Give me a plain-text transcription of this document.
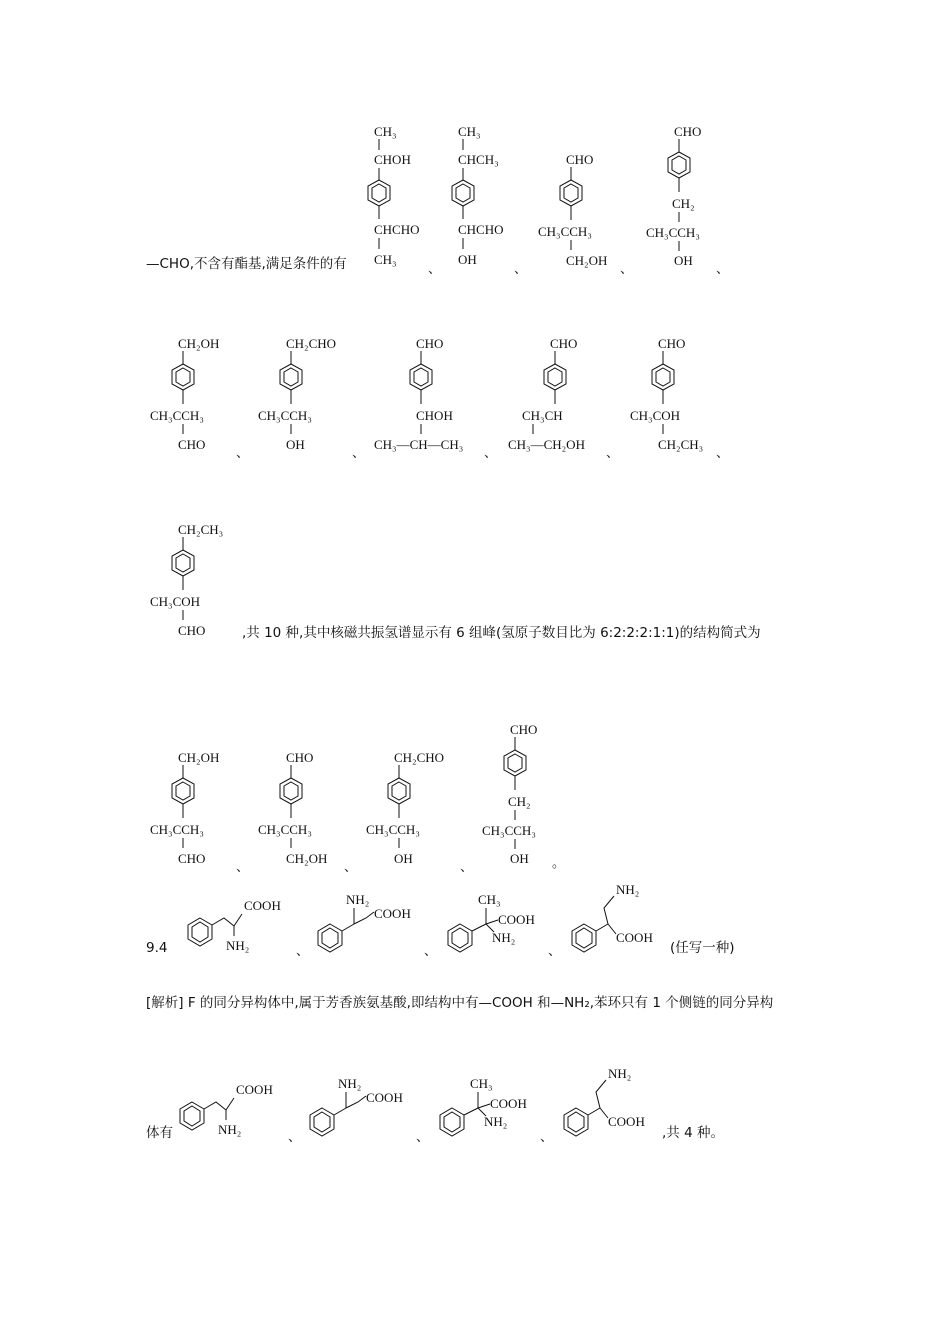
—CHO,不含有酯基,满足条件的有
CH₃
CHOH
CHCHO
CH₃
、
CH₃
CHCH₃
CHCHO
OH
、
CHO
CH₃CCH₃
CH₂OH
、
CHO
CH₂
CH₃CCH₃
OH
、
CH₂OH
CH₃CCH₃
CHO
、
CH₂CHO
CH₃CCH₃
OH
、
CHO
CHOH
CH₃—CH—CH₃
、
CHO
CH₃CH
CH₃—CH₂OH
、
CHO
CH₃COH
CH₂CH₃
、
CH₂CH₃
CH₃COH
CHO	,共 10 种,其中核磁共振氢谱显示有 6 组峰(氢原子数目比为 6:2:2:2:1:1)的结构简式为
CH₂OH
CH₃CCH₃
CHO
、
CHO
CH₃CCH₃
CH₂OH
、
CH₂CHO
CH₃CCH₃
OH
、
CHO
CH₂
CH₃CCH₃
OH 。
9.4
COOH
NH₂	、
NH₂
COOH
、
CH₃
COOH
NH₂
、
NH₂
COOH
(任写一种)
[解析] F 的同分异构体中,属于芳香族氨基酸,即结构中有—COOH 和—NH₂,苯环只有 1 个侧链的同分异构
体有
COOH
NH₂
、
NH₂
COOH
、
CH₃
COOH
NH₂
、
NH₂
COOH
,共 4 种。
